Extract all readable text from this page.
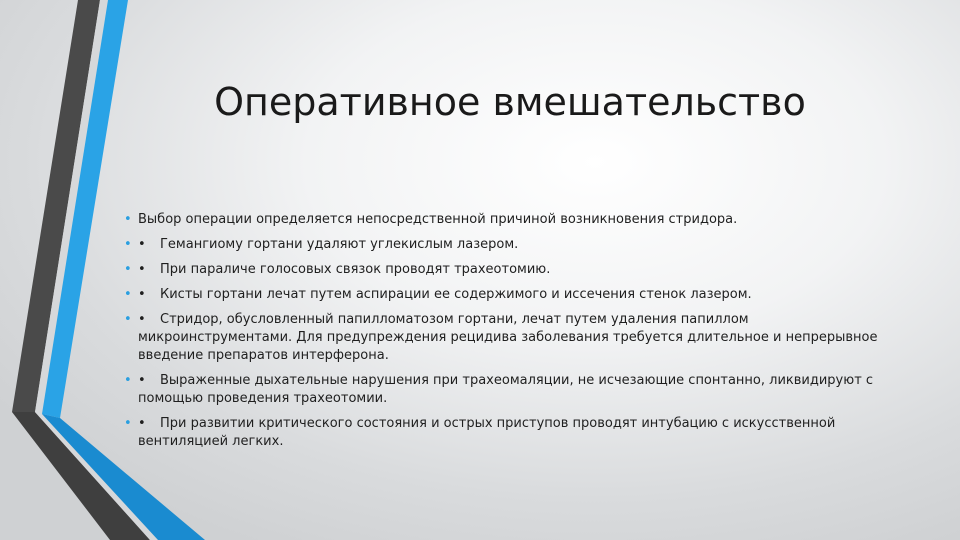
Оперативное вмешательство
• Выбор операции определяется непосредственной причиной возникновения стридора.
• • Гемангиому гортани удаляют углекислым лазером.
• • При параличе голосовых связок проводят трахеотомию.
• • Кисты гортани лечат путем аспирации ее содержимого и иссечения стенок лазером.
• • Стридор, обусловленный папилломатозом гортани, лечат путем удаления папиллом микроинструментами. Для предупреждения рецидива заболевания требуется длительное и непрерывное введение препаратов интерферона.
• • Выраженные дыхательные нарушения при трахеомаляции, не исчезающие спонтанно, ликвидируют с помощью проведения трахеотомии.
• • При развитии критического состояния и острых приступов проводят интубацию с искусственной вентиляцией легких.
